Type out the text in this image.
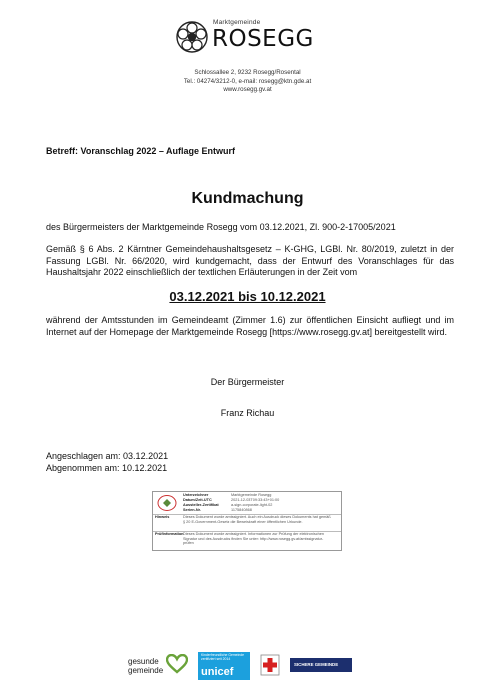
Marktgemeinde
ROSEGG
Schlossallee 2, 9232 Rosegg/Rosental
Tel.: 04274/3212-0, e-mail: rosegg@ktn.gde.at
www.rosegg.gv.at
Betreff: Voranschlag 2022 – Auflage Entwurf
Kundmachung
des Bürgermeisters der Marktgemeinde Rosegg vom 03.12.2021, Zl. 900-2-17005/2021
Gemäß § 6 Abs. 2 Kärntner Gemeindehaushaltsgesetz – K-GHG, LGBl. Nr. 80/2019, zuletzt in der Fassung LGBl. Nr. 66/2020, wird kundgemacht, dass der Entwurf des Voranschlages für das Haushaltsjahr 2022 einschließlich der textlichen Erläuterungen in der Zeit vom
03.12.2021 bis 10.12.2021
während der Amtsstunden im Gemeindeamt (Zimmer 1.6) zur öffentlichen Einsicht aufliegt und im Internet auf der Homepage der Marktgemeinde Rosegg [https://www.rosegg.gv.at] bereitgestellt wird.
Der Bürgermeister
Franz Richau
Angeschlagen am: 03.12.2021
Abgenommen am: 10.12.2021
Unterzeichner	Marktgemeinde Rosegg
Datum/Zeit-UTC	2021-12-03T09:33:43+01:00
Aussteller-Zertifikat	a-sign-corporate-light-02
Serien-Nr.	1175840868
Hinweis	Dieses Dokument wurde amtssigniert. Auch ein Ausdruck dieses Dokuments hat gemäß § 20 E-Government-Gesetz die Beweiskraft einer öffentlichen Urkunde.
Prüfinformation Dieses Dokument wurde amtssigniert. Informationen zur Prüfung der elektronischen Signatur und des Ausdrucks finden Sie unter: http://www.rosegg.gv.at/amtssignatur-prüfen
gesunde
gemeinde
Kinderfreundliche Gemeinde zertifiziert seit 2014
unicef
SICHERE GEMEINDE
